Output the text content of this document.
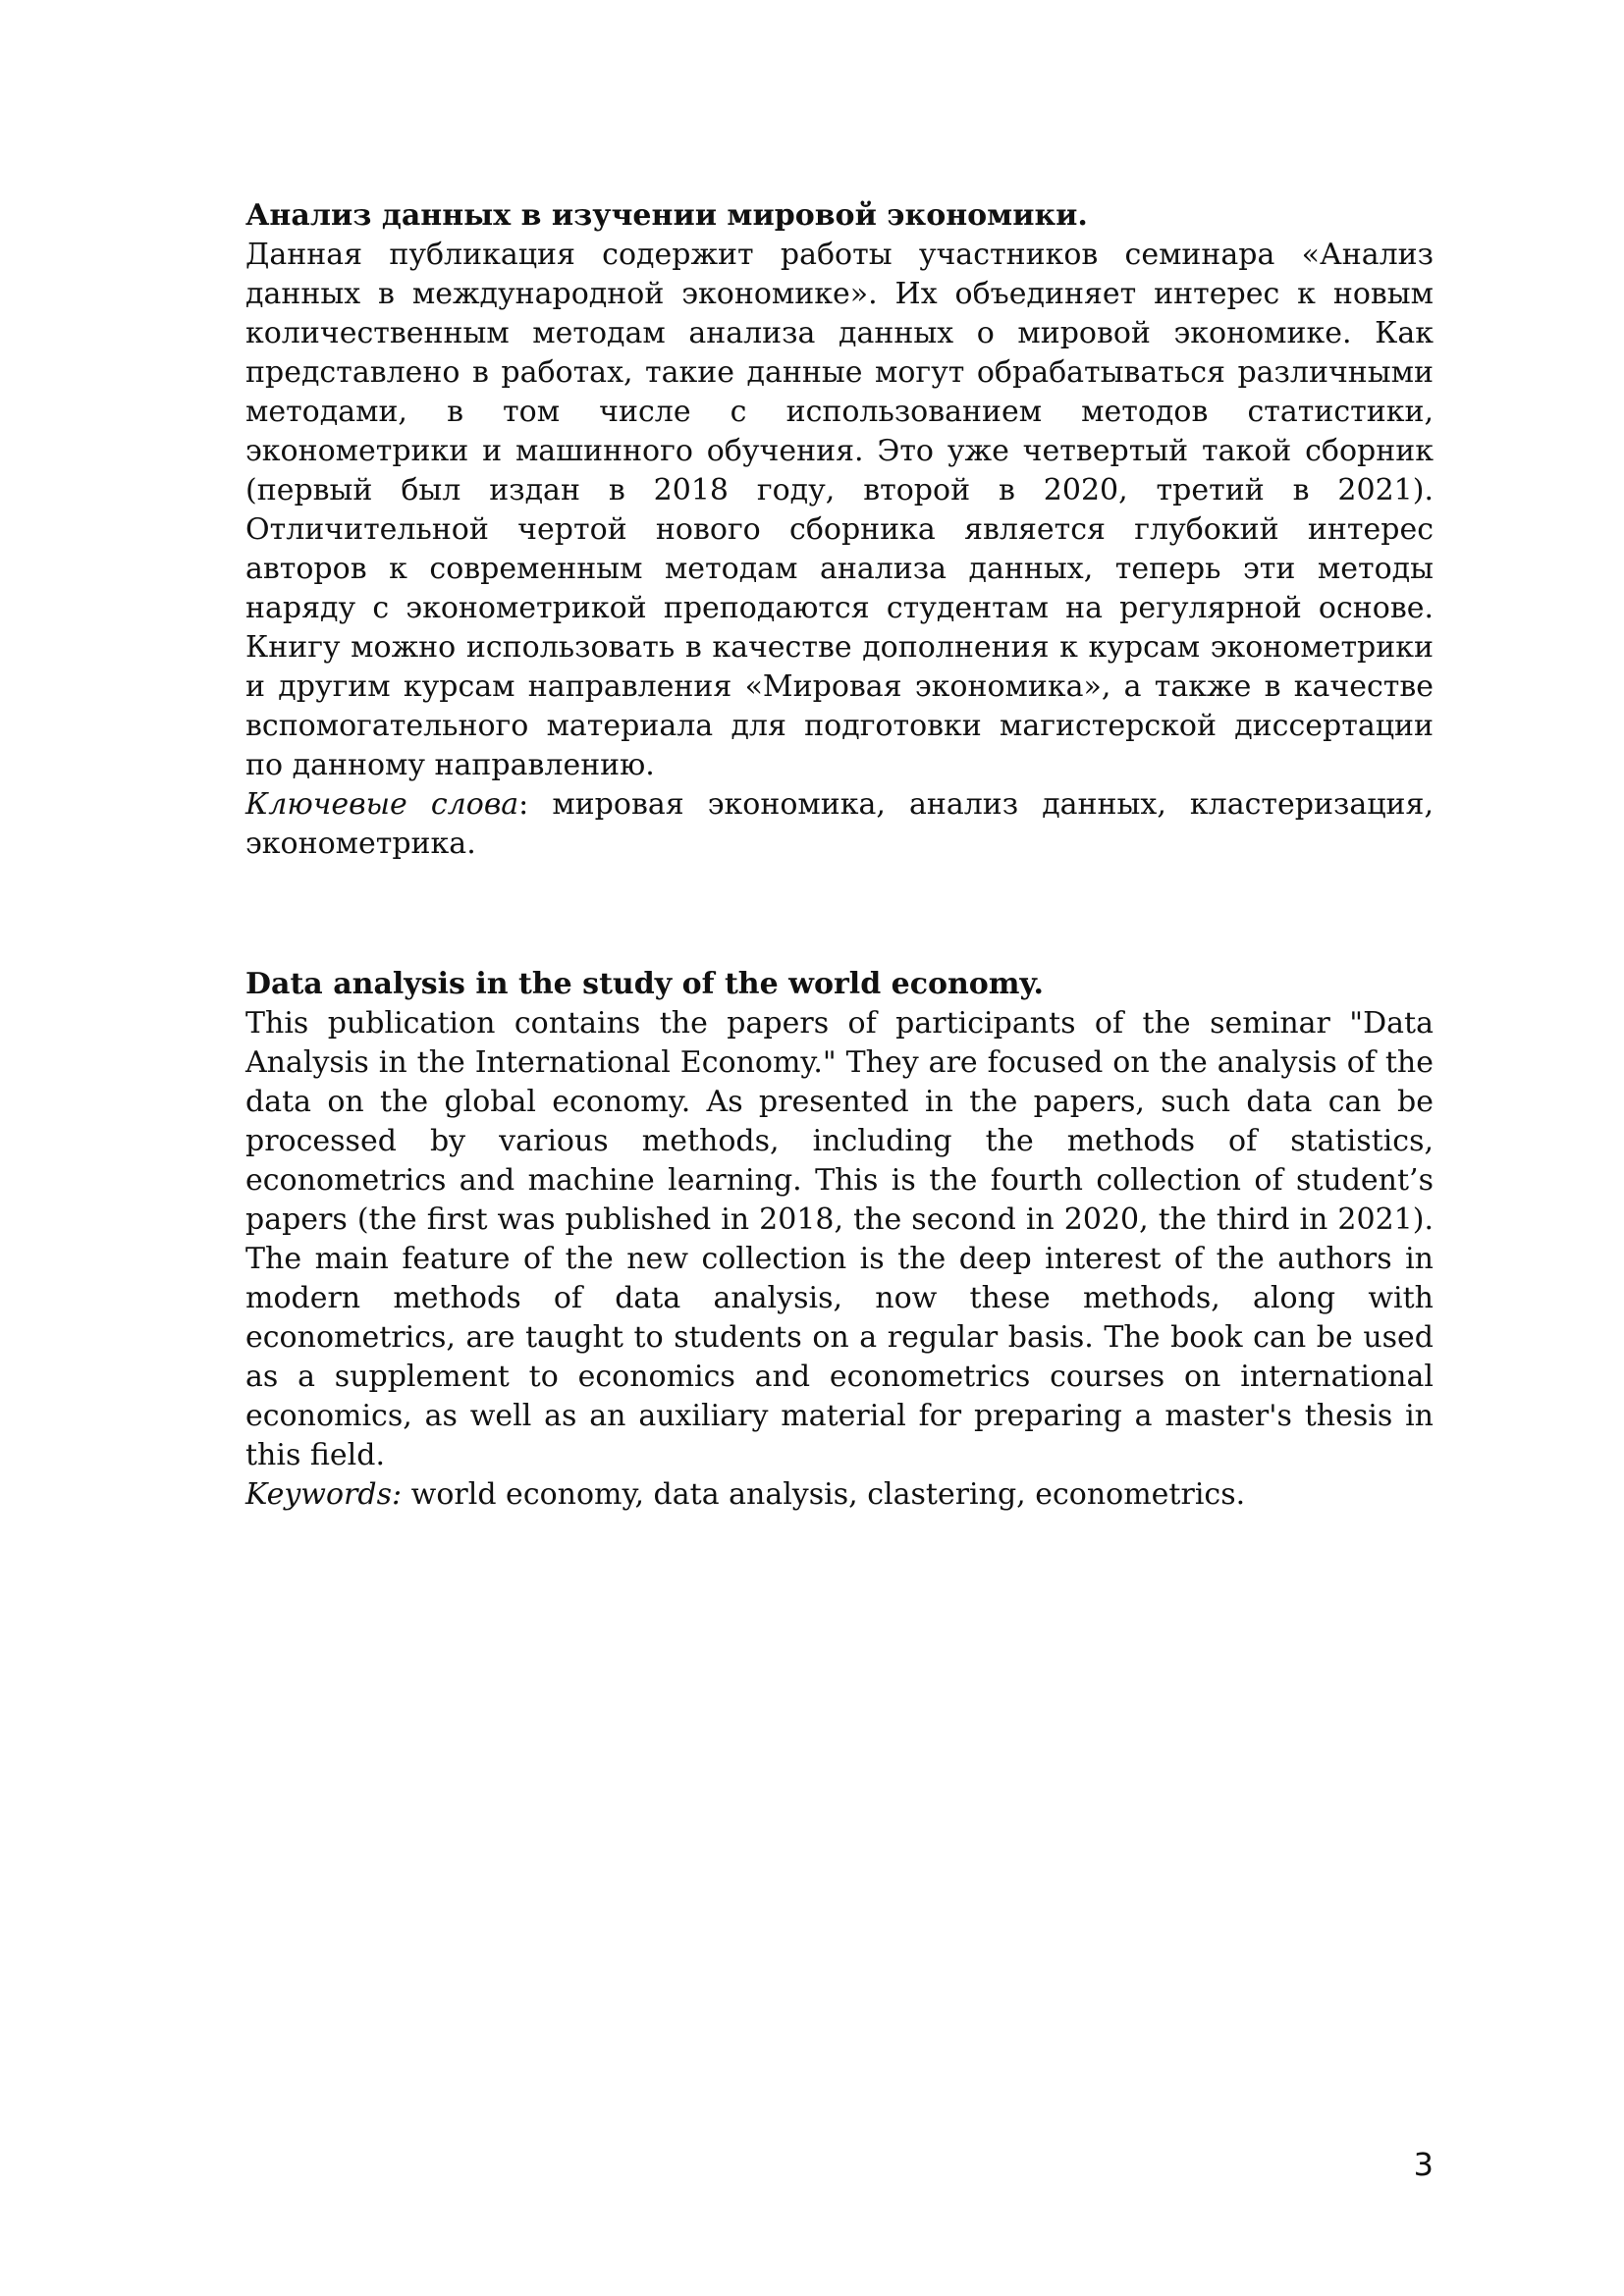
Анализ данных в изучении мировой экономики.

Данная публикация содержит работы участников семинара «Анализ данных в международной экономике». Их объединяет интерес к новым количественным методам анализа данных о мировой экономике. Как представлено в работах, такие данные могут обрабатываться различными методами, в том числе с использованием методов статистики, эконометрики и машинного обучения. Это уже четвертый такой сборник (первый был издан в 2018 году, второй в 2020, третий в 2021). Отличительной чертой нового сборника является глубокий интерес авторов к современным методам анализа данных, теперь эти методы наряду с эконометрикой преподаются студентам на регулярной основе. Книгу можно использовать в качестве дополнения к курсам эконометрики и другим курсам направления «Мировая экономика», а также в качестве вспомогательного материала для подготовки магистерской диссертации по данному направлению.

Ключевые слова: мировая экономика, анализ данных, кластеризация, эконометрика.

Data analysis in the study of the world economy.

This publication contains the papers of participants of the seminar "Data Analysis in the International Economy." They are focused on the analysis of the data on the global economy. As presented in the papers, such data can be processed by various methods, including the methods of statistics, econometrics and machine learning. This is the fourth collection of student’s papers (the first was published in 2018, the second in 2020, the third in 2021). The main feature of the new collection is the deep interest of the authors in modern methods of data analysis, now these methods, along with econometrics, are taught to students on a regular basis. The book can be used as a supplement to economics and econometrics courses on international economics, as well as an auxiliary material for preparing a master's thesis in this field.

Keywords: world economy, data analysis, clastering, econometrics.

3
